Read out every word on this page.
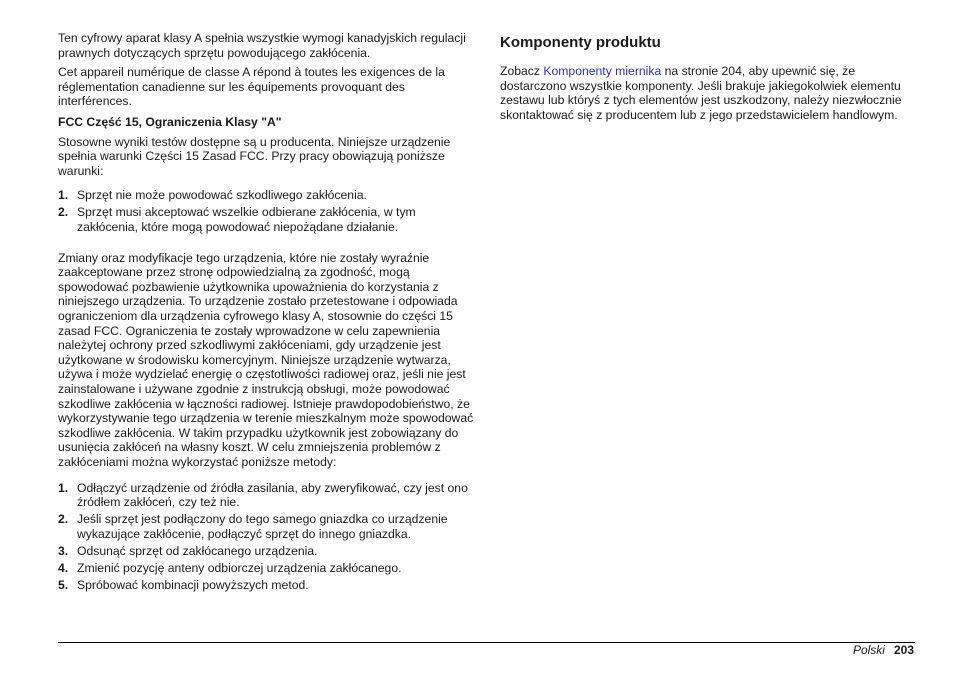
Ten cyfrowy aparat klasy A spełnia wszystkie wymogi kanadyjskich regulacji prawnych dotyczących sprzętu powodującego zakłócenia.

Cet appareil numérique de classe A répond à toutes les exigences de la réglementation canadienne sur les équipements provoquant des interférences.

FCC Część 15, Ograniczenia Klasy "A"

Stosowne wyniki testów dostępne są u producenta. Niniejsze urządzenie spełnia warunki Części 15 Zasad FCC. Przy pracy obowiązują poniższe warunki:

1. Sprzęt nie może powodować szkodliwego zakłócenia.
2. Sprzęt musi akceptować wszelkie odbierane zakłócenia, w tym zakłócenia, które mogą powodować niepożądane działanie.

Zmiany oraz modyfikacje tego urządzenia, które nie zostały wyraźnie zaakceptowane przez stronę odpowiedzialną za zgodność, mogą spowodować pozbawienie użytkownika upoważnienia do korzystania z niniejszego urządzenia. To urządzenie zostało przetestowane i odpowiada ograniczeniom dla urządzenia cyfrowego klasy A, stosownie do części 15 zasad FCC. Ograniczenia te zostały wprowadzone w celu zapewnienia należytej ochrony przed szkodliwymi zakłóceniami, gdy urządzenie jest użytkowane w środowisku komercyjnym. Niniejsze urządzenie wytwarza, używa i może wydzielać energię o częstotliwości radiowej oraz, jeśli nie jest zainstalowane i używane zgodnie z instrukcją obsługi, może powodować szkodliwe zakłócenia w łączności radiowej. Istnieje prawdopodobieństwo, że wykorzystywanie tego urządzenia w terenie mieszkalnym może spowodować szkodliwe zakłócenia. W takim przypadku użytkownik jest zobowiązany do usunięcia zakłóceń na własny koszt. W celu zmniejszenia problemów z zakłóceniami można wykorzystać poniższe metody:

1. Odłączyć urządzenie od źródła zasilania, aby zweryfikować, czy jest ono źródłem zakłóceń, czy też nie.
2. Jeśli sprzęt jest podłączony do tego samego gniazdka co urządzenie wykazujące zakłócenie, podłączyć sprzęt do innego gniazdka.
3. Odsunąć sprzęt od zakłócanego urządzenia.
4. Zmienić pozycję anteny odbiorczej urządzenia zakłócanego.
5. Spróbować kombinacji powyższych metod.
Komponenty produktu

Zobacz Komponenty miernika na stronie 204, aby upewnić się, że dostarczono wszystkie komponenty. Jeśli brakuje jakiegokolwiek elementu zestawu lub któryś z tych elementów jest uszkodzony, należy niezwłocznie skontaktować się z producentem lub z jego przedstawicielem handlowym.

Polski 203
